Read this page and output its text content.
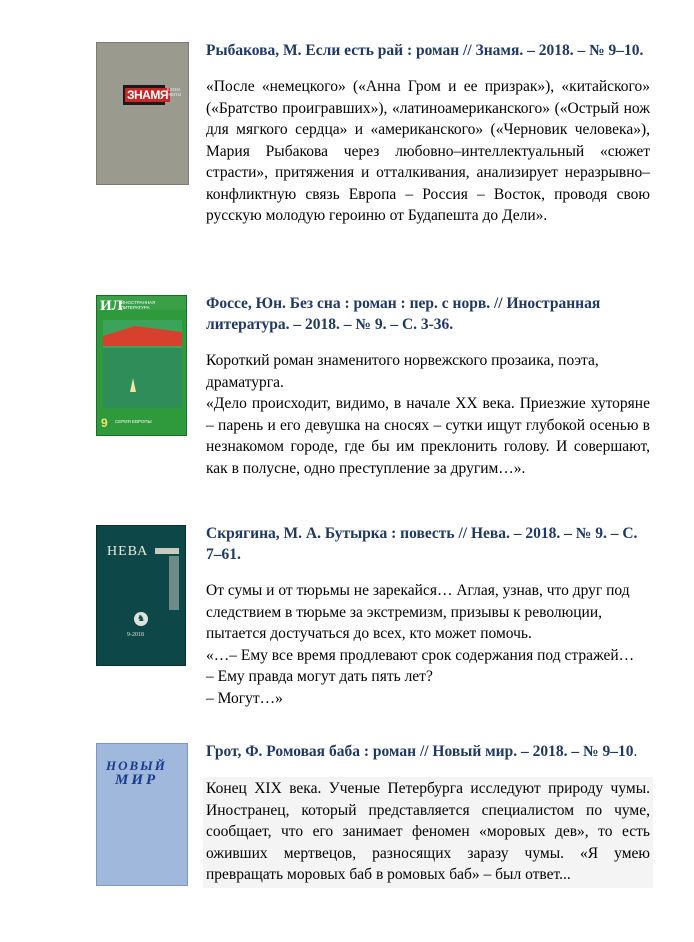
ЗНАМЯ КЛЕНА ЭВИТЫ

Рыбакова, М. Если есть рай : роман // Знамя. – 2018. – № 9–10.

«После «немецкого» («Анна Гром и ее призрак»), «китайского» («Братство проигравших»), «латиноамериканского» («Острый нож для мягкого сердца» и «американского» («Черновик человека»), Мария Рыбакова через любовно–интеллектуальный «сюжет страсти», притяжения и отталкивания, анализирует неразрывно–конфликтную связь Европа – Россия – Восток, проводя свою русскую молодую героиню от Будапешта до Дели».

ИЛ
ИНОСТРАННАЯ ЛИТЕРАТУРА
9 СЕРИЯ ЕВРОПЫ

Фоссе, Юн. Без сна : роман : пер. с норв. // Иностранная литература. – 2018. – № 9. – С. 3-36.

Короткий роман знаменитого норвежского прозаика, поэта, драматурга.

«Дело происходит, видимо, в начале XX века. Приезжие хуторяне – парень и его девушка на сносях – сутки ищут глубокой осенью в незнакомом городе, где бы им преклонить голову. И совершают, как в полусне, одно преступление за другим…».

НЕВА
♞
9-2018

Скрягина, М. А. Бутырка : повесть // Нева. – 2018. – № 9. – С. 7–61.

От сумы и от тюрьмы не зарекайся… Аглая, узнав, что друг под следствием в тюрьме за экстремизм, призывы к революции, пытается достучаться до всех, кто может помочь.

«…– Ему все время продлевают срок содержания под стражей…

– Ему правда могут дать пять лет?

– Могут…»

НОВЫЙ
МИР

Грот, Ф. Ромовая баба : роман // Новый мир. – 2018. – № 9–10.

Конец XIX века. Ученые Петербурга исследуют природу чумы. Иностранец, который представляется специалистом по чуме, сообщает, что его занимает феномен «моровых дев», то есть оживших мертвецов, разносящих заразу чумы. «Я умею превращать моровых баб в ромовых баб» – был ответ...
